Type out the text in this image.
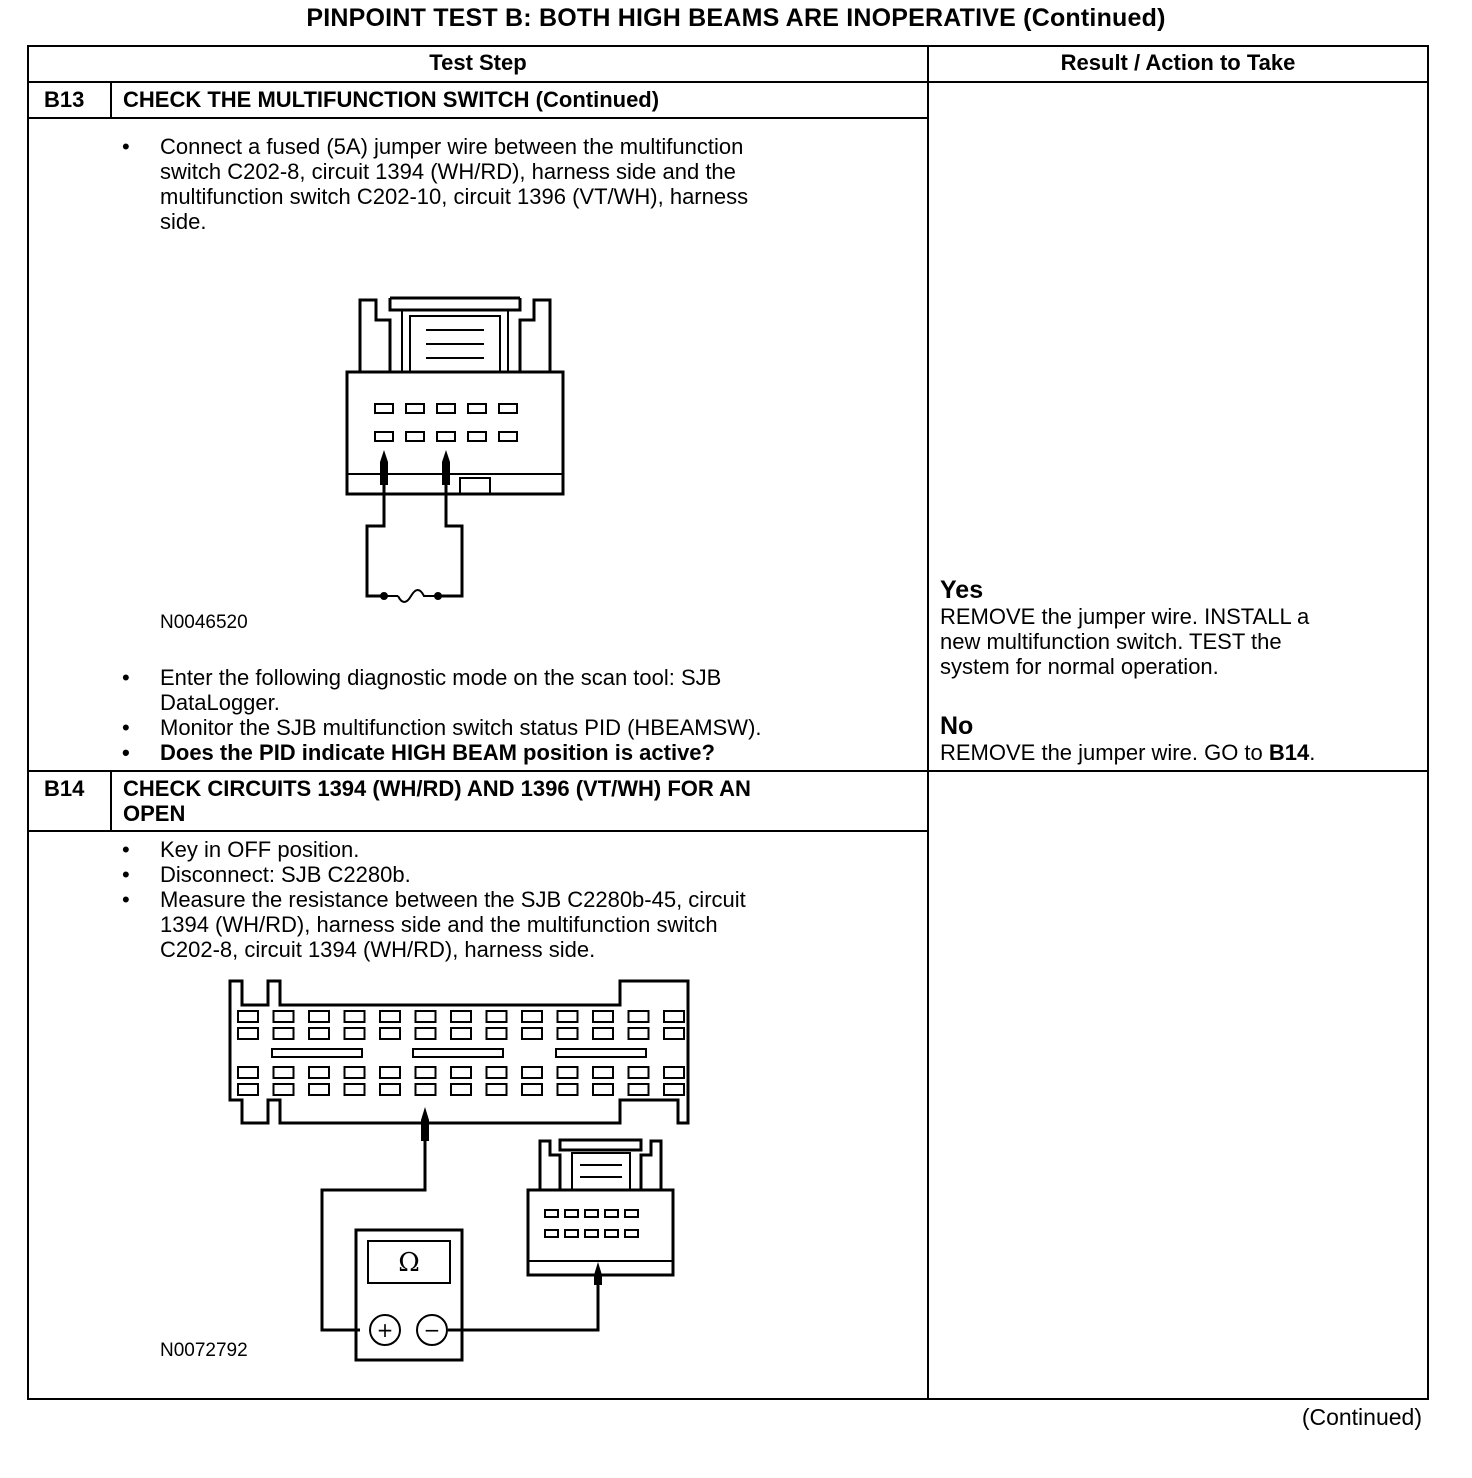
PINPOINT TEST B: BOTH HIGH BEAMS ARE INOPERATIVE (Continued)
Test Step	Result / Action to Take
B13 CHECK THE MULTIFUNCTION SWITCH (Continued)
• Connect a fused (5A) jumper wire between the multifunction
switch C202-8, circuit 1394 (WH/RD), harness side and the
multifunction switch C202-10, circuit 1396 (VT/WH), harness
side.
N0046520
• Enter the following diagnostic mode on the scan tool: SJB
DataLogger.
• Monitor the SJB multifunction switch status PID (HBEAMSW).
• Does the PID indicate HIGH BEAM position is active?
Yes
REMOVE the jumper wire. INSTALL a
new multifunction switch. TEST the
system for normal operation.
No
REMOVE the jumper wire. GO to B14.
B14 CHECK CIRCUITS 1394 (WH/RD) AND 1396 (VT/WH) FOR AN
OPEN
• Key in OFF position.
• Disconnect: SJB C2280b.
• Measure the resistance between the SJB C2280b-45, circuit
1394 (WH/RD), harness side and the multifunction switch
C202-8, circuit 1394 (WH/RD), harness side.
Ω
+ −
N0072792
(Continued)
